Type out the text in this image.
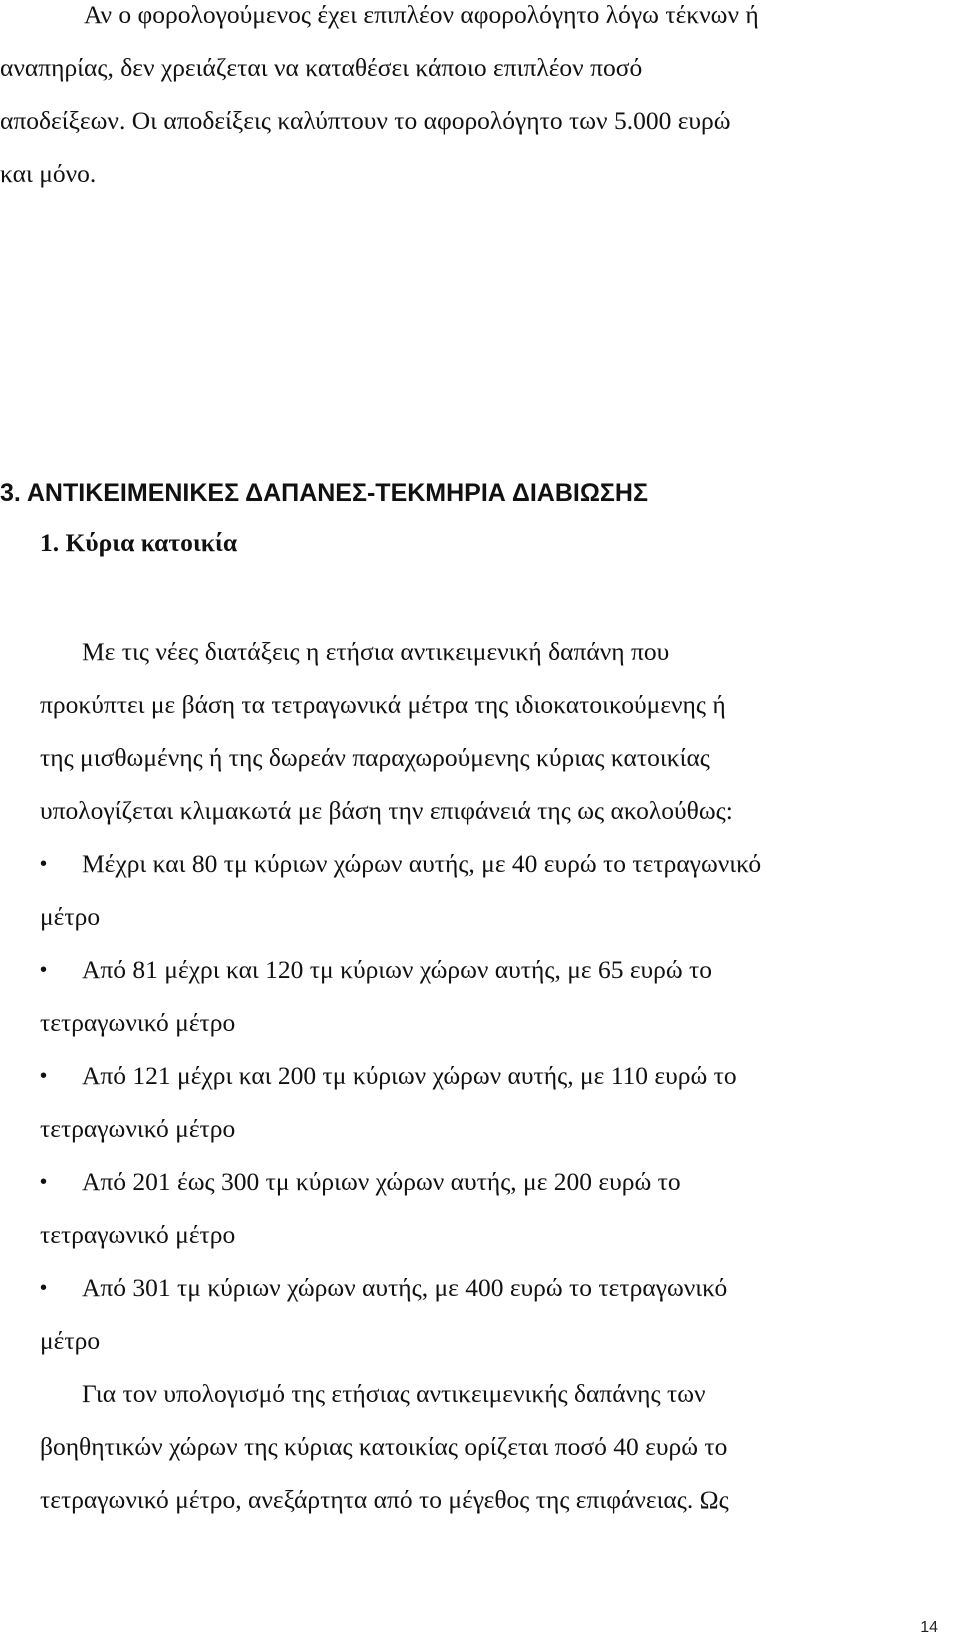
Αν ο φορολογούμενος έχει επιπλέον αφορολόγητο λόγω τέκνων ή
αναπηρίας, δεν χρειάζεται να καταθέσει κάποιο επιπλέον ποσό
αποδείξεων. Οι αποδείξεις καλύπτουν το αφορολόγητο των 5.000 ευρώ
και μόνο.
3. ΑΝΤΙΚΕΙΜΕΝΙΚΕΣ ΔΑΠΑΝΕΣ-ΤΕΚΜΗΡΙΑ ΔΙΑΒΙΩΣΗΣ
1. Κύρια κατοικία
Με τις νέες διατάξεις η ετήσια αντικειμενική δαπάνη που
προκύπτει με βάση τα τετραγωνικά μέτρα της ιδιοκατοικούμενης ή
της μισθωμένης ή της δωρεάν παραχωρούμενης κύριας κατοικίας
υπολογίζεται κλιμακωτά με βάση την επιφάνειά της ως ακολούθως:
• Μέχρι και 80 τμ κύριων χώρων αυτής, με 40 ευρώ το τετραγωνικό
μέτρο
• Από 81 μέχρι και 120 τμ κύριων χώρων αυτής, με 65 ευρώ το
τετραγωνικό μέτρο
• Από 121 μέχρι και 200 τμ κύριων χώρων αυτής, με 110 ευρώ το
τετραγωνικό μέτρο
• Από 201 έως 300 τμ κύριων χώρων αυτής, με 200 ευρώ το
τετραγωνικό μέτρο
• Από 301 τμ κύριων χώρων αυτής, με 400 ευρώ το τετραγωνικό
μέτρο
Για τον υπολογισμό της ετήσιας αντικειμενικής δαπάνης των
βοηθητικών χώρων της κύριας κατοικίας ορίζεται ποσό 40 ευρώ το
τετραγωνικό μέτρο, ανεξάρτητα από το μέγεθος της επιφάνειας. Ως
14
